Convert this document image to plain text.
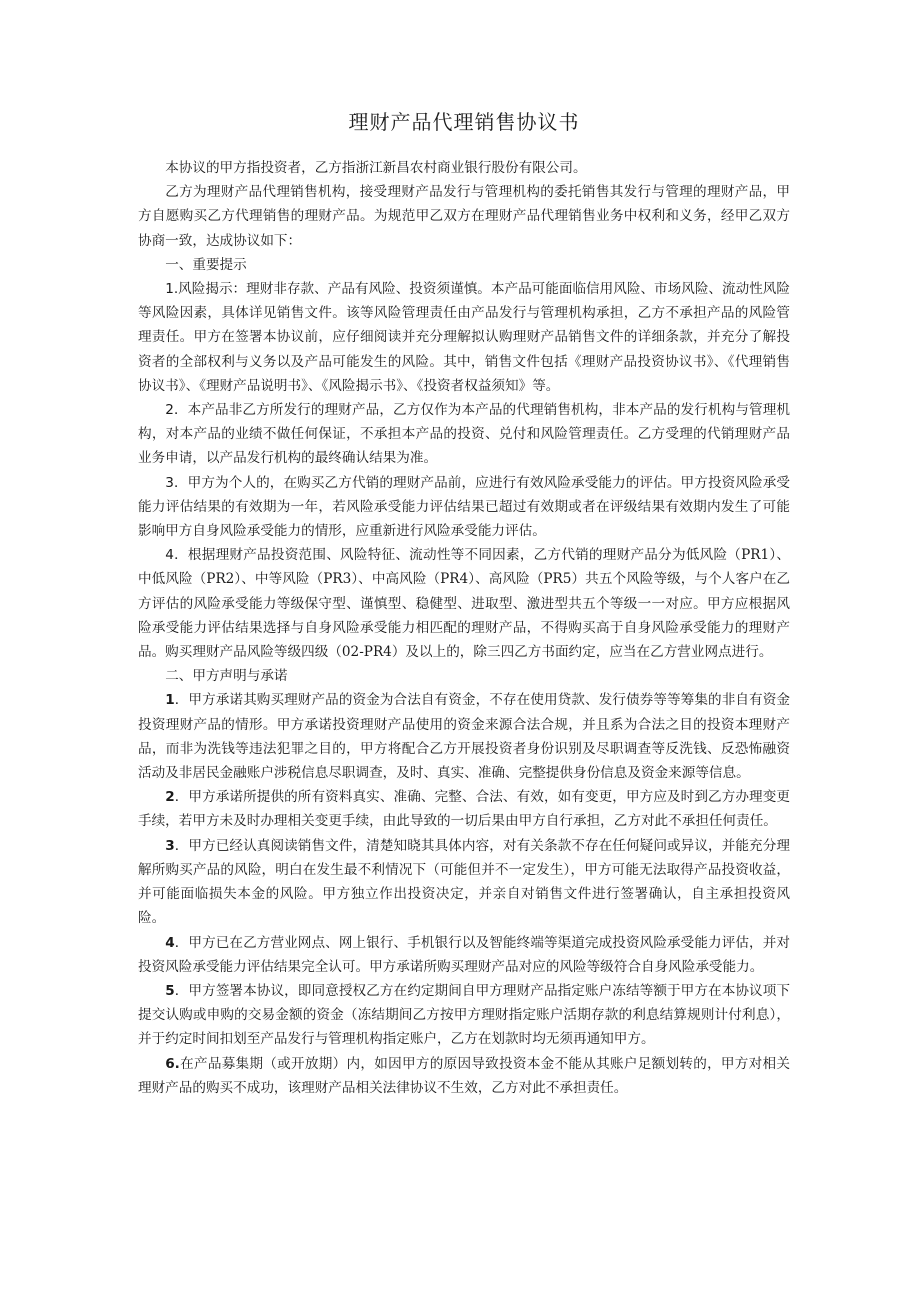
理财产品代理销售协议书

本协议的甲方指投资者，乙方指浙江新昌农村商业银行股份有限公司。

乙方为理财产品代理销售机构，接受理财产品发行与管理机构的委托销售其发行与管理的理财产品，甲方自愿购买乙方代理销售的理财产品。为规范甲乙双方在理财产品代理销售业务中权利和义务，经甲乙双方协商一致，达成协议如下：

一、重要提示

1.风险揭示：理财非存款、产品有风险、投资须谨慎。本产品可能面临信用风险、市场风险、流动性风险等风险因素，具体详见销售文件。该等风险管理责任由产品发行与管理机构承担，乙方不承担产品的风险管理责任。甲方在签署本协议前，应仔细阅读并充分理解拟认购理财产品销售文件的详细条款，并充分了解投资者的全部权利与义务以及产品可能发生的风险。其中，销售文件包括《理财产品投资协议书》、《代理销售协议书》、《理财产品说明书》、《风险揭示书》、《投资者权益须知》等。

2．本产品非乙方所发行的理财产品，乙方仅作为本产品的代理销售机构，非本产品的发行机构与管理机构，对本产品的业绩不做任何保证，不承担本产品的投资、兑付和风险管理责任。乙方受理的代销理财产品业务申请，以产品发行机构的最终确认结果为准。

3．甲方为个人的，在购买乙方代销的理财产品前，应进行有效风险承受能力的评估。甲方投资风险承受能力评估结果的有效期为一年，若风险承受能力评估结果已超过有效期或者在评级结果有效期内发生了可能影响甲方自身风险承受能力的情形，应重新进行风险承受能力评估。

4．根据理财产品投资范围、风险特征、流动性等不同因素，乙方代销的理财产品分为低风险（PR1）、中低风险（PR2）、中等风险（PR3）、中高风险（PR4）、高风险（PR5）共五个风险等级，与个人客户在乙方评估的风险承受能力等级保守型、谨慎型、稳健型、进取型、激进型共五个等级一一对应。甲方应根据风险承受能力评估结果选择与自身风险承受能力相匹配的理财产品，不得购买高于自身风险承受能力的理财产品。购买理财产品风险等级四级（02-PR4）及以上的，除三四乙方书面约定，应当在乙方营业网点进行。

二、甲方声明与承诺

1．甲方承诺其购买理财产品的资金为合法自有资金，不存在使用贷款、发行债券等等筹集的非自有资金投资理财产品的情形。甲方承诺投资理财产品使用的资金来源合法合规，并且系为合法之目的投资本理财产品，而非为洗钱等违法犯罪之目的，甲方将配合乙方开展投资者身份识别及尽职调查等反洗钱、反恐怖融资活动及非居民金融账户涉税信息尽职调查，及时、真实、准确、完整提供身份信息及资金来源等信息。

2．甲方承诺所提供的所有资料真实、准确、完整、合法、有效，如有变更，甲方应及时到乙方办理变更手续，若甲方未及时办理相关变更手续，由此导致的一切后果由甲方自行承担，乙方对此不承担任何责任。

3．甲方已经认真阅读销售文件，清楚知晓其具体内容，对有关条款不存在任何疑问或异议，并能充分理解所购买产品的风险，明白在发生最不利情况下（可能但并不一定发生），甲方可能无法取得产品投资收益，并可能面临损失本金的风险。甲方独立作出投资决定，并亲自对销售文件进行签署确认，自主承担投资风险。

4．甲方已在乙方营业网点、网上银行、手机银行以及智能终端等渠道完成投资风险承受能力评估，并对投资风险承受能力评估结果完全认可。甲方承诺所购买理财产品对应的风险等级符合自身风险承受能力。

5．甲方签署本协议，即同意授权乙方在约定期间自甲方理财产品指定账户冻结等额于甲方在本协议项下提交认购或申购的交易金额的资金（冻结期间乙方按甲方理财指定账户活期存款的利息结算规则计付利息），并于约定时间扣划至产品发行与管理机构指定账户，乙方在划款时均无须再通知甲方。

6.在产品募集期（或开放期）内，如因甲方的原因导致投资本金不能从其账户足额划转的，甲方对相关理财产品的购买不成功，该理财产品相关法律协议不生效，乙方对此不承担责任。
